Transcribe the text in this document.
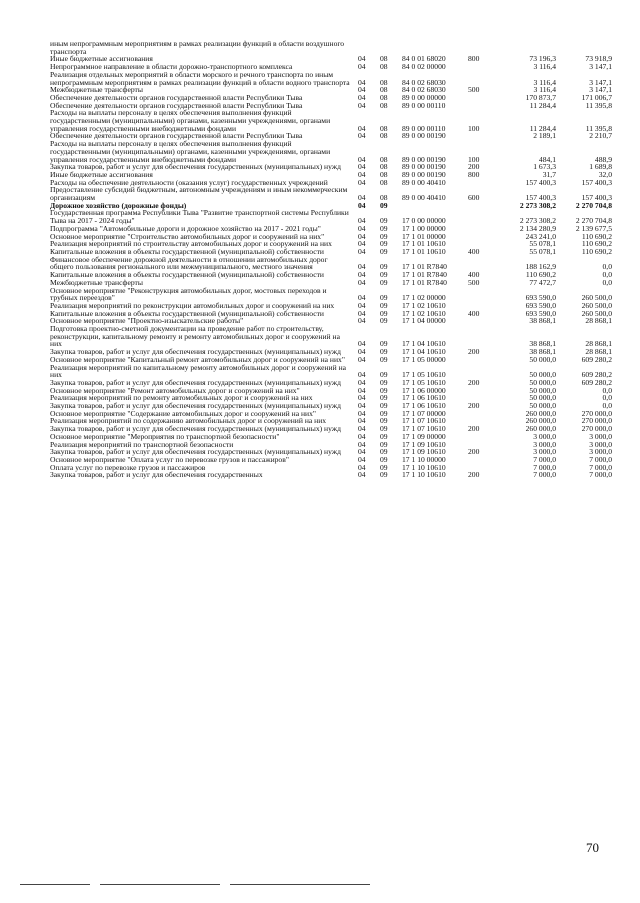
иным непрограммным мероприятиям в рамках реализации функций в области воздушного транспорта						
Иные бюджетные ассигнования	04	08	84 0 01 68020	800	73 196,3	73 918,9
Непрограммное направление в области дорожно-транспортного комплекса	04	08	84 0 02 00000		3 116,4	3 147,1
Реализация отдельных мероприятий в области морского и речного транспорта по иным непрограммным мероприятиям в рамках реализации функций в области водного транспорта	04	08	84 0 02 68030		3 116,4	3 147,1
Межбюджетные трансферты	04	08	84 0 02 68030	500	3 116,4	3 147,1
Обеспечение деятельности органов государственной власти Республики Тыва	04	08	89 0 00 00000		170 873,7	171 006,7
Обеспечение деятельности органов государственной власти Республики Тыва	04	08	89 0 00 00110		11 284,4	11 395,8
Расходы на выплаты персоналу в целях обеспечения выполнения функций государственными (муниципальными) органами, казенными учреждениями, органами управления государственными внебюджетными фондами	04	08	89 0 00 00110	100	11 284,4	11 395,8
Обеспечение деятельности органов государственной власти Республики Тыва	04	08	89 0 00 00190		2 189,1	2 210,7
Расходы на выплаты персоналу в целях обеспечения выполнения функций государственными (муниципальными) органами, казенными учреждениями, органами управления государственными внебюджетными фондами	04	08	89 0 00 00190	100	484,1	488,9
Закупка товаров, работ и услуг для обеспечения государственных (муниципальных) нужд	04	08	89 0 00 00190	200	1 673,3	1 689,8
Иные бюджетные ассигнования	04	08	89 0 00 00190	800	31,7	32,0
Расходы на обеспечение деятельности (оказания услуг) государственных учреждений	04	08	89 0 00 40410		157 400,3	157 400,3
Предоставление субсидий бюджетным, автономным учреждениям и иным некоммерческим организациям	04	08	89 0 00 40410	600	157 400,3	157 400,3
Дорожное хозяйство (дорожные фонды)	04	09			2 273 308,2	2 270 704,8
Государственная программа Республики Тыва "Развитие транспортной системы Республики Тыва на 2017 - 2024 годы"	04	09	17 0 00 00000		2 273 308,2	2 270 704,8
Подпрограмма "Автомобильные дороги и дорожное хозяйство на 2017 - 2021 годы"	04	09	17 1 00 00000		2 134 280,9	2 139 677,5
Основное мероприятие "Строительство автомобильных дорог и сооружений на них"	04	09	17 1 01 00000		243 241,0	110 690,2
Реализация мероприятий по строительству автомобильных дорог и сооружений на них	04	09	17 1 01 10610		55 078,1	110 690,2
Капитальные вложения в объекты государственной (муниципальной) собственности	04	09	17 1 01 10610	400	55 078,1	110 690,2
Финансовое обеспечение дорожной деятельности в отношении автомобильных дорог общего пользования регионального или межмуниципального, местного значения	04	09	17 1 01 R7840		188 162,9	0,0
Капитальные вложения в объекты государственной (муниципальной) собственности	04	09	17 1 01 R7840	400	110 690,2	0,0
Межбюджетные трансферты	04	09	17 1 01 R7840	500	77 472,7	0,0
Основное мероприятие "Реконструкция автомобильных дорог, мостовых переходов и трубных переездов"	04	09	17 1 02 00000		693 590,0	260 500,0
Реализация мероприятий по реконструкции автомобильных дорог и сооружений на них	04	09	17 1 02 10610		693 590,0	260 500,0
Капитальные вложения в объекты государственной (муниципальной) собственности	04	09	17 1 02 10610	400	693 590,0	260 500,0
Основное мероприятие "Проектно-изыскательские работы"	04	09	17 1 04 00000		38 868,1	28 868,1
Подготовка проектно-сметной документации на проведение работ по строительству, реконструкции, капитальному ремонту и ремонту автомобильных дорог и сооружений на них	04	09	17 1 04 10610		38 868,1	28 868,1
Закупка товаров, работ и услуг для обеспечения государственных (муниципальных) нужд	04	09	17 1 04 10610	200	38 868,1	28 868,1
Основное мероприятие "Капитальный ремонт автомобильных дорог и сооружений на них"	04	09	17 1 05 00000		50 000,0	609 280,2
Реализация мероприятий по капитальному ремонту автомобильных дорог и сооружений на них	04	09	17 1 05 10610		50 000,0	609 280,2
Закупка товаров, работ и услуг для обеспечения государственных (муниципальных) нужд	04	09	17 1 05 10610	200	50 000,0	609 280,2
Основное мероприятие "Ремонт автомобильных дорог и сооружений на них"	04	09	17 1 06 00000		50 000,0	0,0
Реализация мероприятий по ремонту автомобильных дорог и сооружений на них	04	09	17 1 06 10610		50 000,0	0,0
Закупка товаров, работ и услуг для обеспечения государственных (муниципальных) нужд	04	09	17 1 06 10610	200	50 000,0	0,0
Основное мероприятие "Содержание автомобильных дорог и сооружений на них"	04	09	17 1 07 00000		260 000,0	270 000,0
Реализация мероприятий по содержанию автомобильных дорог и сооружений на них	04	09	17 1 07 10610		260 000,0	270 000,0
Закупка товаров, работ и услуг для обеспечения государственных (муниципальных) нужд	04	09	17 1 07 10610	200	260 000,0	270 000,0
Основное мероприятие "Мероприятия по транспортной безопасности"	04	09	17 1 09 00000		3 000,0	3 000,0
Реализация мероприятий по транспортной безопасности	04	09	17 1 09 10610		3 000,0	3 000,0
Закупка товаров, работ и услуг для обеспечения государственных (муниципальных) нужд	04	09	17 1 09 10610	200	3 000,0	3 000,0
Основное мероприятие "Оплата услуг по перевозке грузов и пассажиров"	04	09	17 1 10 00000		7 000,0	7 000,0
Оплата услуг по перевозке грузов и пассажиров	04	09	17 1 10 10610		7 000,0	7 000,0
Закупка товаров, работ и услуг для обеспечения государственных	04	09	17 1 10 10610	200	7 000,0	7 000,0
70
